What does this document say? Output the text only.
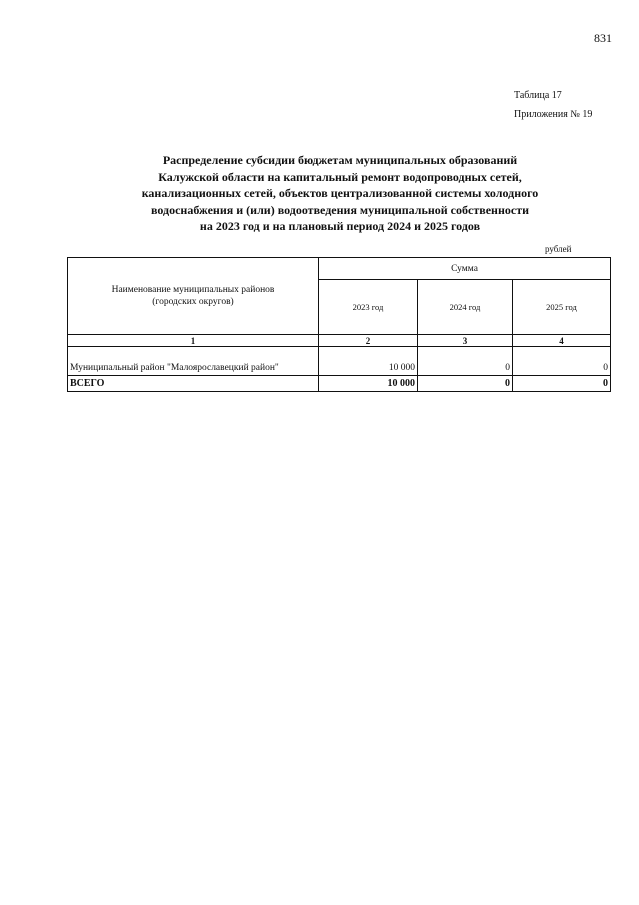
831
Таблица 17
Приложения № 19
Распределение субсидии бюджетам муниципальных образований
Калужской области на капитальный ремонт водопроводных сетей,
канализационных сетей, объектов централизованной системы холодного
водоснабжения и (или) водоотведения муниципальной собственности
на 2023 год и на плановый период 2024 и 2025 годов
рублей
Наименование муниципальных районов
(городских округов)	Сумма		
	2023 год	2024 год	2025 год
1	2	3	4

Муниципальный район "Малоярославецкий район"	10 000	0	0
ВСЕГО	10 000	0	0
